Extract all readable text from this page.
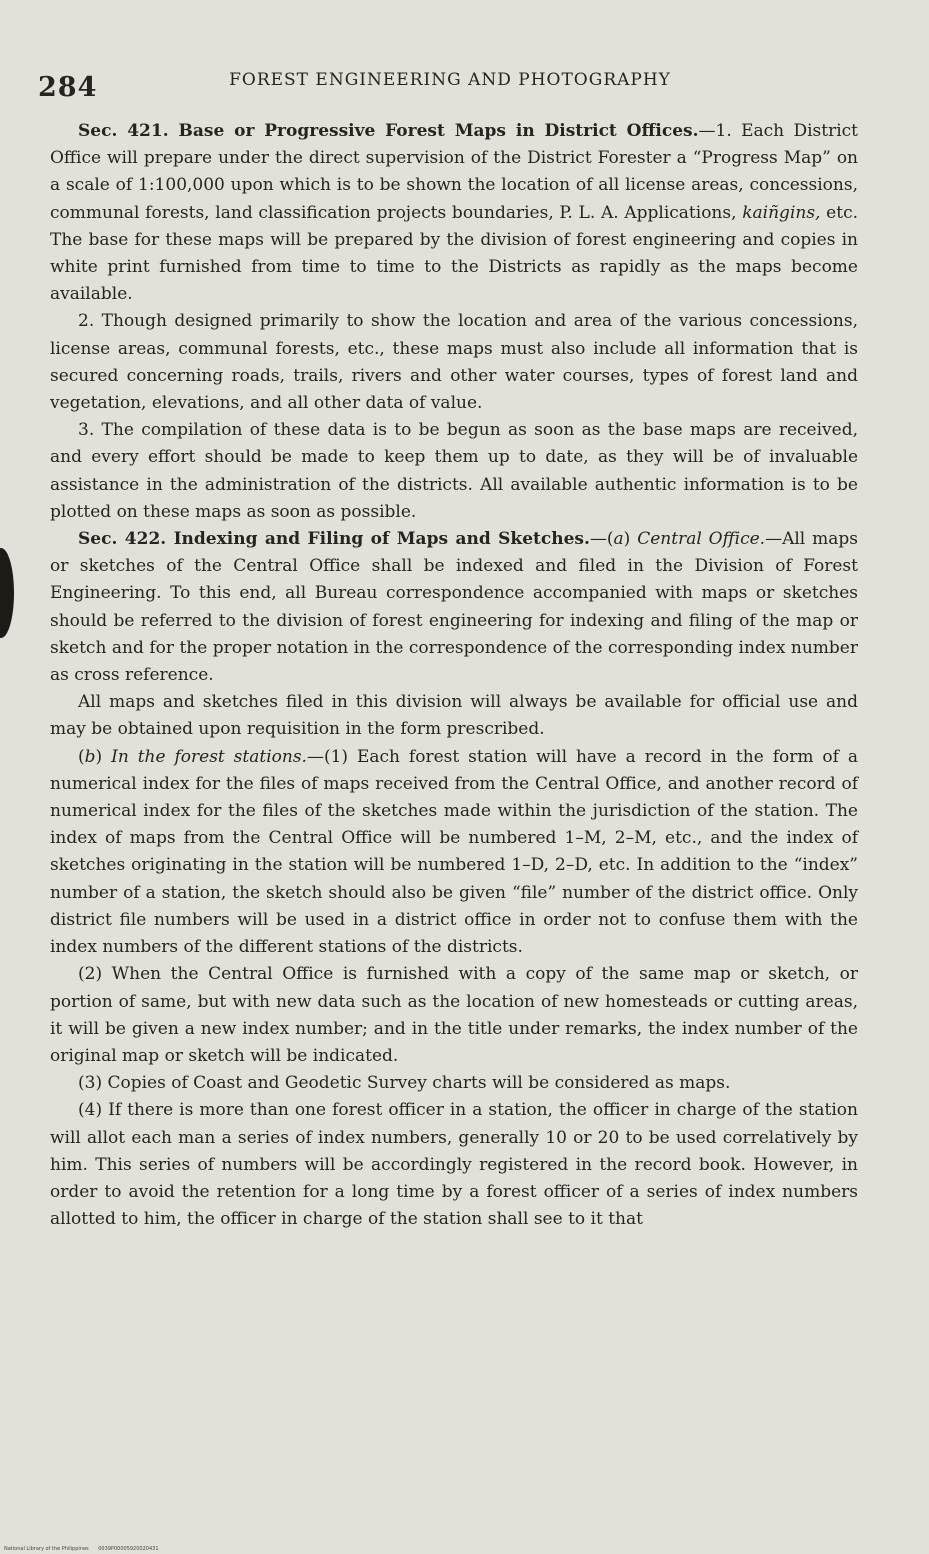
284	FOREST ENGINEERING AND PHOTOGRAPHY

Sec. 421. Base or Progressive Forest Maps in District Offices.—1. Each District Office will prepare under the direct supervision of the District Forester a “Progress Map” on a scale of 1:100,000 upon which is to be shown the location of all license areas, concessions, communal forests, land classification projects boundaries, P. L. A. Applications, kaiñgins, etc. The base for these maps will be prepared by the division of forest engineering and copies in white print furnished from time to time to the Districts as rapidly as the maps become available.

2. Though designed primarily to show the location and area of the various concessions, license areas, communal forests, etc., these maps must also include all information that is secured concerning roads, trails, rivers and other water courses, types of forest land and vegetation, elevations, and all other data of value.

3. The compilation of these data is to be begun as soon as the base maps are received, and every effort should be made to keep them up to date, as they will be of invaluable assistance in the administration of the districts. All available authentic information is to be plotted on these maps as soon as possible.

Sec. 422. Indexing and Filing of Maps and Sketches.—(a) Central Office.—All maps or sketches of the Central Office shall be indexed and filed in the Division of Forest Engineering. To this end, all Bureau correspondence accompanied with maps or sketches should be referred to the division of forest engineering for indexing and filing of the map or sketch and for the proper notation in the correspondence of the corresponding index number as cross reference.

All maps and sketches filed in this division will always be available for official use and may be obtained upon requisition in the form prescribed.

(b) In the forest stations.—(1) Each forest station will have a record in the form of a numerical index for the files of maps received from the Central Office, and another record of numerical index for the files of the sketches made within the jurisdiction of the station. The index of maps from the Central Office will be numbered 1–M, 2–M, etc., and the index of sketches originating in the station will be numbered 1–D, 2–D, etc. In addition to the “index” number of a station, the sketch should also be given “file” number of the district office. Only district file numbers will be used in a district office in order not to confuse them with the index numbers of the different stations of the districts.

(2) When the Central Office is furnished with a copy of the same map or sketch, or portion of same, but with new data such as the location of new homesteads or cutting areas, it will be given a new index number; and in the title under remarks, the index number of the original map or sketch will be indicated.

(3) Copies of Coast and Geodetic Survey charts will be considered as maps.

(4) If there is more than one forest officer in a station, the officer in charge of the station will allot each man a series of index numbers, generally 10 or 20 to be used correlatively by him. This series of numbers will be accordingly registered in the record book. However, in order to avoid the retention for a long time by a forest officer of a series of index numbers allotted to him, the officer in charge of the station shall see to it that

National Library of the Philippines 0039P00005920020431
